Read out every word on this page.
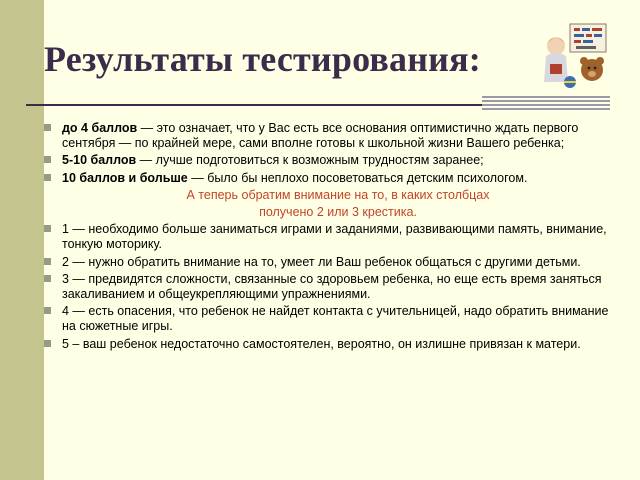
Результаты тестирования:
до 4 баллов — это означает, что у Вас есть все основания оптимистично ждать первого сентября — по крайней мере, сами вполне готовы к школьной жизни Вашего ребенка;
5-10 баллов — лучше подготовиться к возможным трудностям заранее;
10 баллов и больше — было бы неплохо посоветоваться детским психологом.
А теперь обратим внимание на то, в каких столбцах
получено 2 или 3 крестика.
1 — необходимо больше заниматься играми и заданиями, развивающими память, внимание, тонкую моторику.
2 — нужно обратить внимание на то, умеет ли Ваш ребенок общаться с другими детьми.
3 — предвидятся сложности, связанные со здоровьем ребенка, но еще есть время заняться закаливанием и общеукрепляющими упражнениями.
4 — есть опасения, что ребенок не найдет контакта с учительницей, надо обратить внимание на сюжетные игры.
5 – ваш ребенок недостаточно самостоятелен, вероятно, он излишне привязан к матери.
